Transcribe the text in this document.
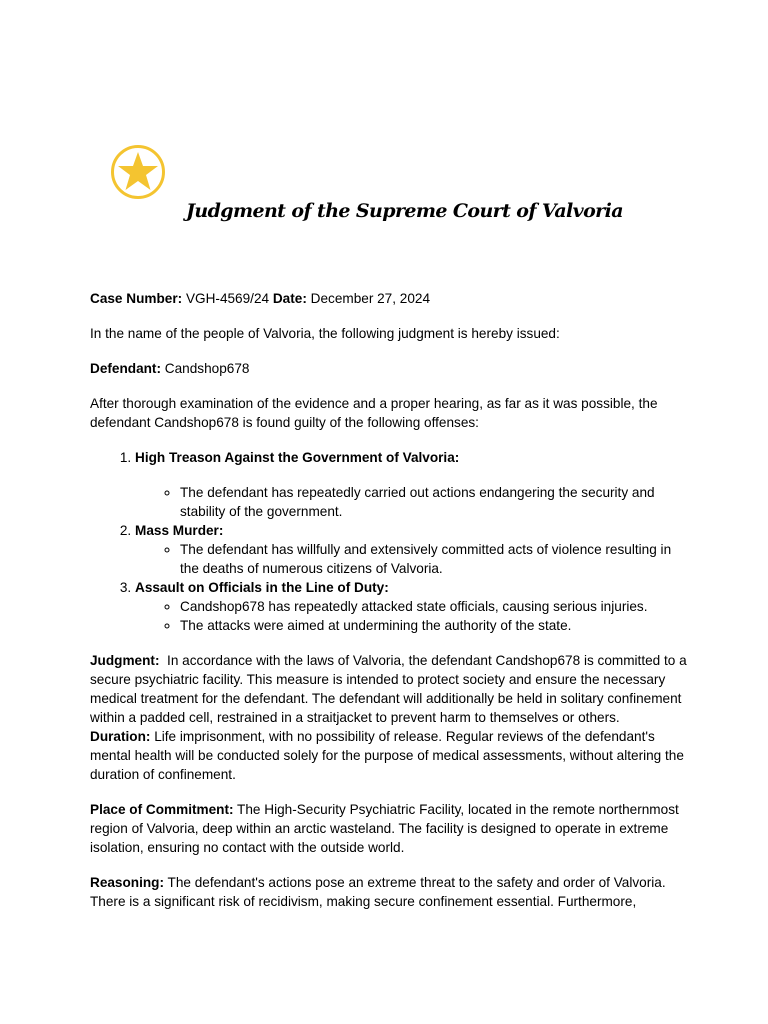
Judgment of the Supreme Court of Valvoria

Case Number: VGH-4569/24 Date: December 27, 2024

In the name of the people of Valvoria, the following judgment is hereby issued:

Defendant: Candshop678

After thorough examination of the evidence and a proper hearing, as far as it was possible, the defendant Candshop678 is found guilty of the following offenses:

1. High Treason Against the Government of Valvoria:
◦ The defendant has repeatedly carried out actions endangering the security and stability of the government.
2. Mass Murder:
◦ The defendant has willfully and extensively committed acts of violence resulting in the deaths of numerous citizens of Valvoria.
3. Assault on Officials in the Line of Duty:
◦ Candshop678 has repeatedly attacked state officials, causing serious injuries.
◦ The attacks were aimed at undermining the authority of the state.

Judgment: In accordance with the laws of Valvoria, the defendant Candshop678 is committed to a secure psychiatric facility. This measure is intended to protect society and ensure the necessary medical treatment for the defendant. The defendant will additionally be held in solitary confinement within a padded cell, restrained in a straitjacket to prevent harm to themselves or others.

Duration: Life imprisonment, with no possibility of release. Regular reviews of the defendant's mental health will be conducted solely for the purpose of medical assessments, without altering the duration of confinement.

Place of Commitment: The High-Security Psychiatric Facility, located in the remote northernmost region of Valvoria, deep within an arctic wasteland. The facility is designed to operate in extreme isolation, ensuring no contact with the outside world.

Reasoning: The defendant's actions pose an extreme threat to the safety and order of Valvoria. There is a significant risk of recidivism, making secure confinement essential. Furthermore,
